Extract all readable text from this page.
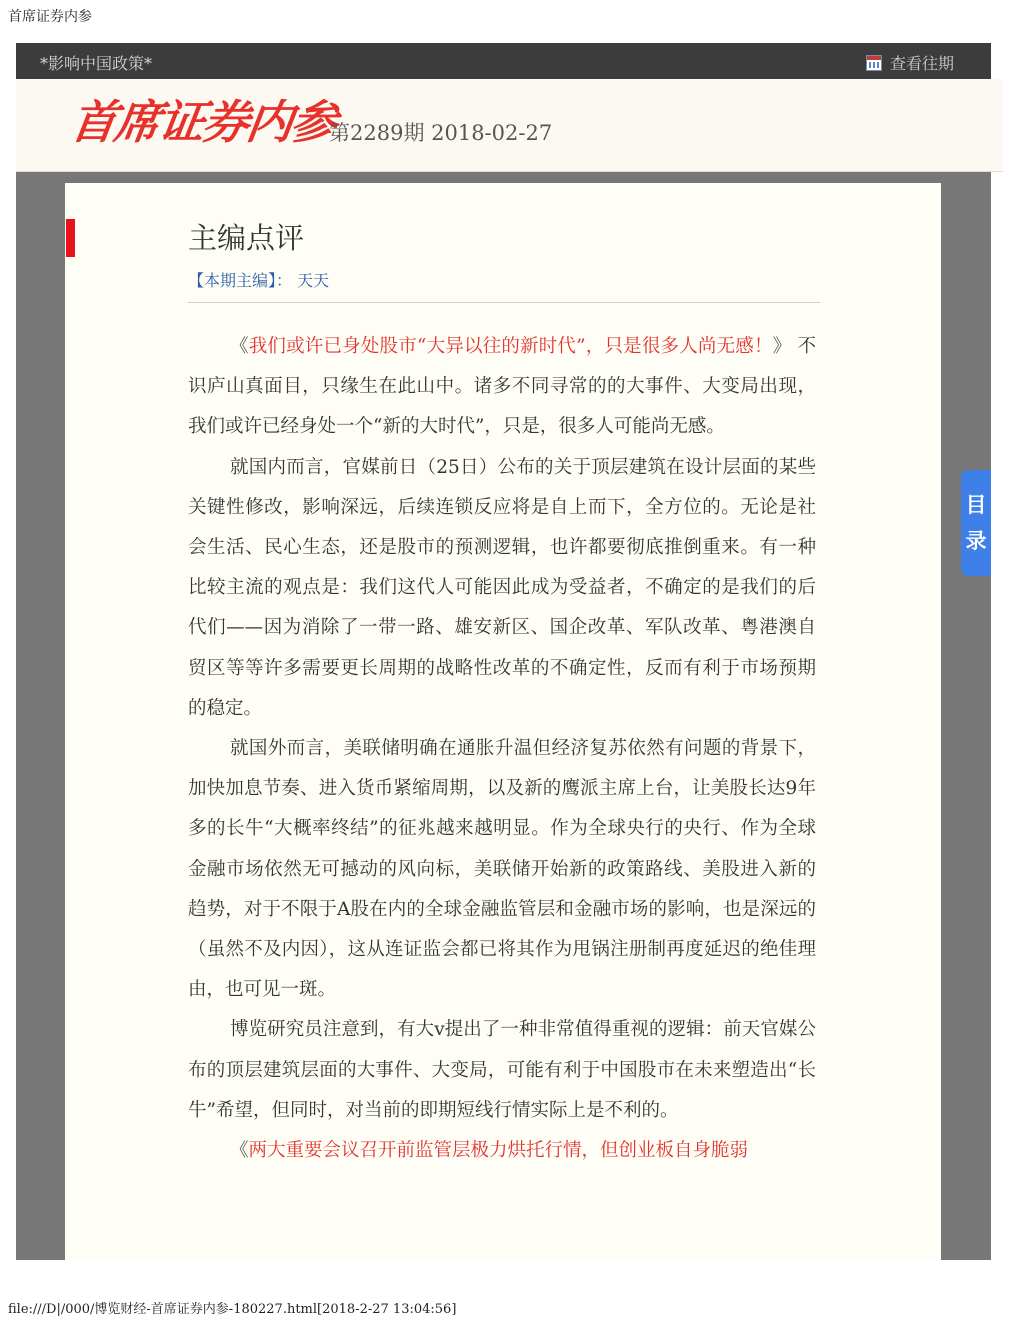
首席证券内参
*影响中国政策*	查看往期
首席证券内参
第2289期 2018-02-27
主编点评
【本期主编】： 天天

《我们或许已身处股市“大异以往的新时代”，只是很多人尚无感！》 不识庐山真面目，只缘生在此山中。诸多不同寻常的的大事件、大变局出现，我们或许已经身处一个“新的大时代”，只是，很多人可能尚无感。

就国内而言，官媒前日（25日）公布的关于顶层建筑在设计层面的某些关键性修改，影响深远，后续连锁反应将是自上而下，全方位的。无论是社会生活、民心生态，还是股市的预测逻辑，也许都要彻底推倒重来。有一种比较主流的观点是：我们这代人可能因此成为受益者，不确定的是我们的后代们——因为消除了一带一路、雄安新区、国企改革、军队改革、粤港澳自贸区等等许多需要更长周期的战略性改革的不确定性，反而有利于市场预期的稳定。

就国外而言，美联储明确在通胀升温但经济复苏依然有问题的背景下，加快加息节奏、进入货币紧缩周期，以及新的鹰派主席上台，让美股长达9年多的长牛“大概率终结”的征兆越来越明显。作为全球央行的央行、作为全球金融市场依然无可撼动的风向标，美联储开始新的政策路线、美股进入新的趋势，对于不限于A股在内的全球金融监管层和金融市场的影响，也是深远的（虽然不及内因），这从连证监会都已将其作为甩锅注册制再度延迟的绝佳理由，也可见一斑。

博览研究员注意到，有大v提出了一种非常值得重视的逻辑：前天官媒公布的顶层建筑层面的大事件、大变局，可能有利于中国股市在未来塑造出“长牛”希望，但同时，对当前的即期短线行情实际上是不利的。

《两大重要会议召开前监管层极力烘托行情，但创业板自身脆弱

目录
file:///D|/000/博览财经-首席证券内参-180227.html[2018-2-27 13:04:56]
